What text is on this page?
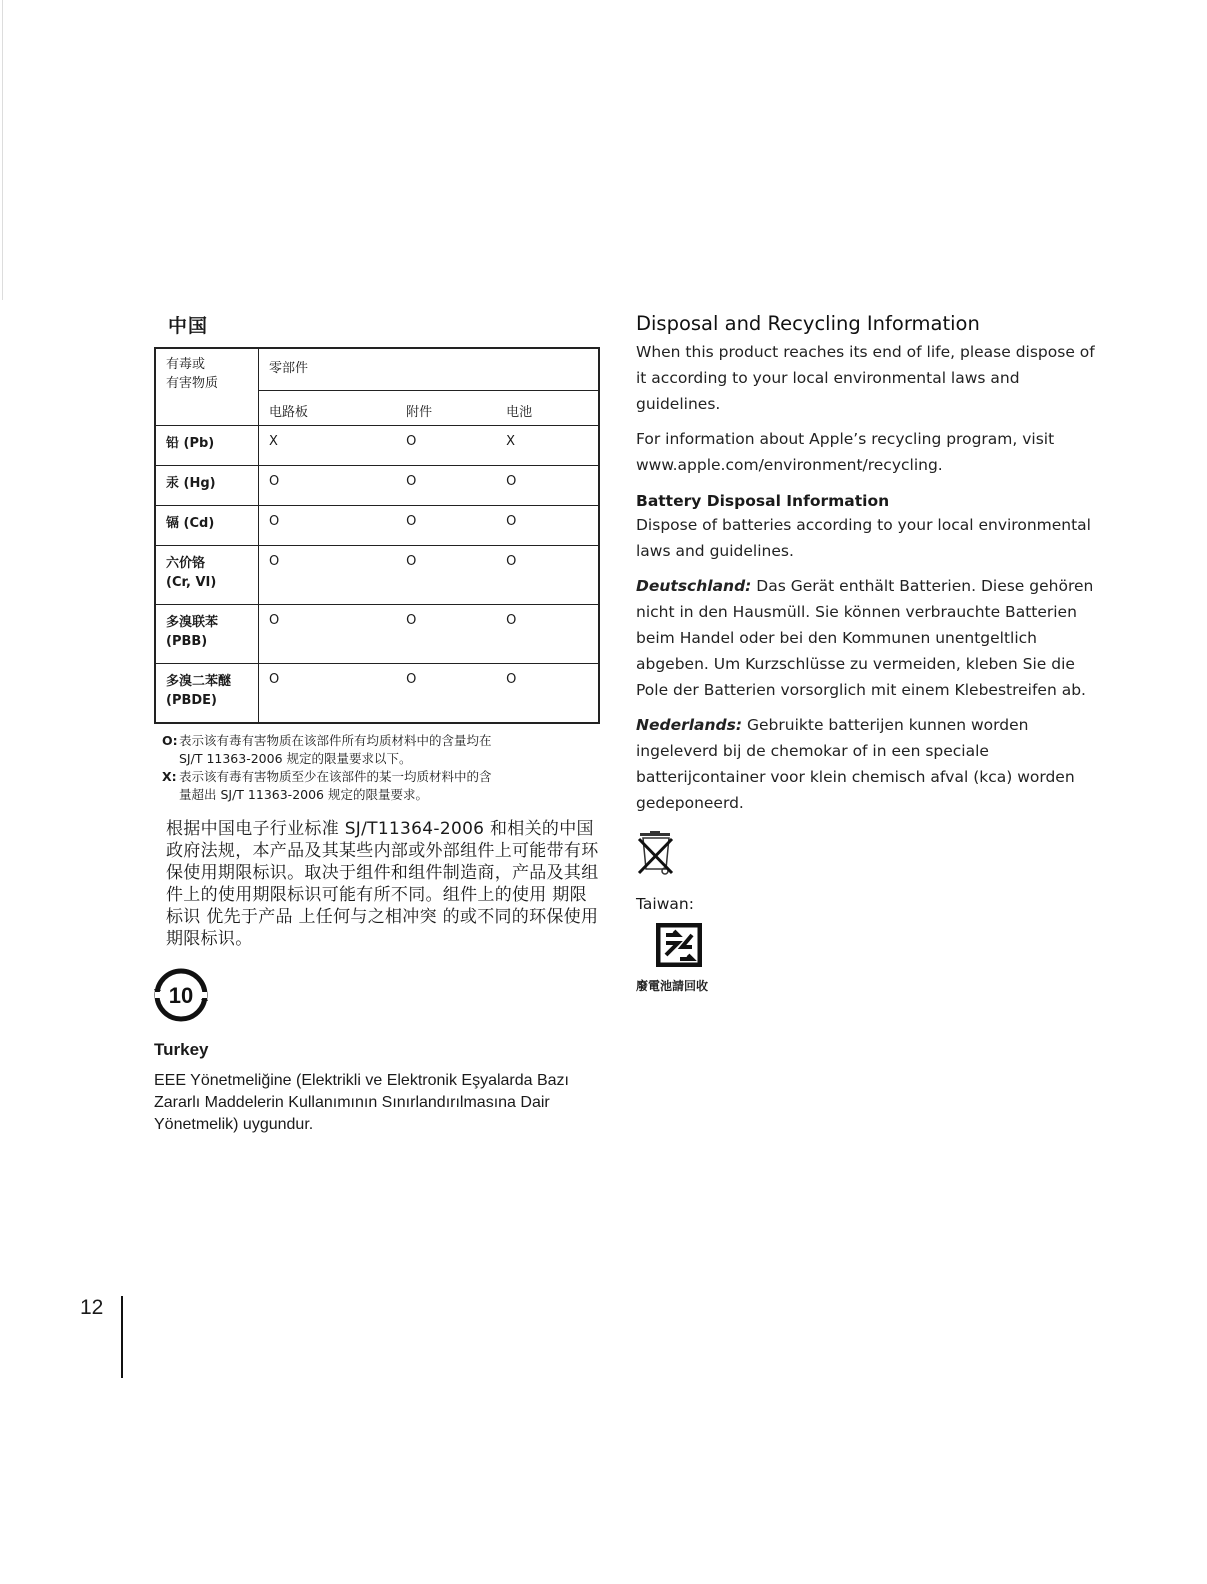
中国
有毒或
有害物质	零部件		
	电路板	附件	电池

铅 (Pb)	X	O	X

汞 (Hg)	O	O	O

镉 (Cd)	O	O	O

六价铬
(Cr, VI)	O	O	O

多溴联苯
(PBB)	O	O	O

多溴二苯醚
(PBDE)	O	O	O
O: 表示该有毒有害物质在该部件所有均质材料中的含量均在
SJ/T 11363-2006 规定的限量要求以下。
X: 表示该有毒有害物质至少在该部件的某一均质材料中的含
量超出 SJ/T 11363-2006 规定的限量要求。
根据中国电子行业标准 SJ/T11364-2006 和相关的中国政府法规，本产品及其某些内部或外部组件上可能带有环保使用期限标识。取决于组件和组件制造商，产品及其组件上的使用期限标识可能有所不同。组件上的使用 期限标识 优先于产品 上任何与之相冲突 的或不同的环保使用期限标识。
10
Turkey
EEE Yönetmeliğine (Elektrikli ve Elektronik Eşyalarda Bazı Zararlı Maddelerin Kullanımının Sınırlandırılmasına Dair Yönetmelik) uygundur.
Disposal and Recycling Information

When this product reaches its end of life, please dispose of it according to your local environmental laws and guidelines.

For information about Apple’s recycling program, visit www.apple.com/environment/recycling.

Battery Disposal Information

Dispose of batteries according to your local environmental laws and guidelines.

Deutschland: Das Gerät enthält Batterien. Diese gehören nicht in den Hausmüll. Sie können verbrauchte Batterien beim Handel oder bei den Kommunen unentgeltlich abgeben. Um Kurzschlüsse zu vermeiden, kleben Sie die Pole der Batterien vorsorglich mit einem Klebestreifen ab.

Nederlands: Gebruikte batterijen kunnen worden ingeleverd bij de chemokar of in een speciale batterijcontainer voor klein chemisch afval (kca) worden gedeponeerd.

Taiwan:
廢電池請回收
12
